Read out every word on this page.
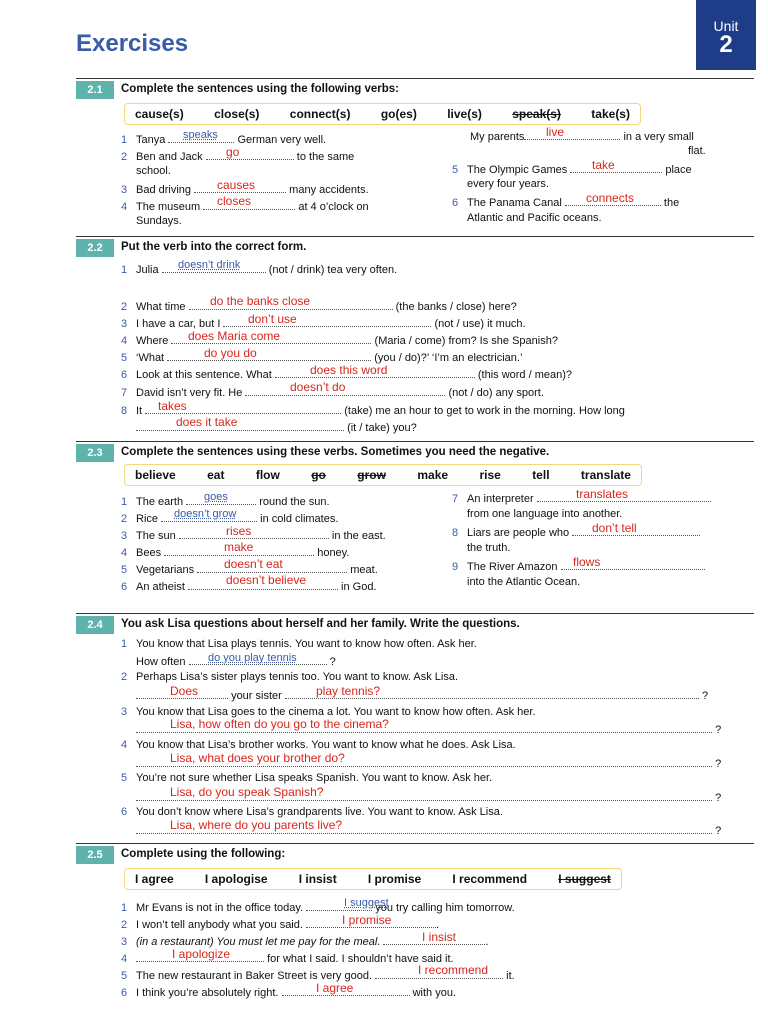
Exercises
Unit
2
2.1	Complete the sentences using the following verbs:
cause(s)	close(s)	connect(s)	go(es)	live(s)	speak(s)	take(s)
1 Tanya	German very well.
speaks
2 Ben and Jack	to the same
go
school.
3 Bad driving	many accidents.
causes
4 The museum	at 4 o’clock on
closes
Sundays.
My parents	in a very small
live
flat.
5 The Olympic Games	place
take
every four years.
6 The Panama Canal	the
connects
Atlantic and Pacific oceans.
2.2	Put the verb into the correct form.
1 Julia	(not / drink) tea very often.
doesn’t drink
2 What time	(the banks / close) here?
do the banks close
3 I have a car, but I	(not / use) it much.
don’t use
4 Where	(Maria / come) from? Is she Spanish?
does Maria come
5 ‘What	(you / do)?’ ‘I’m an electrician.’
do you do
6 Look at this sentence. What	(this word / mean)?
does this word
7 David isn’t very fit. He	(not / do) any sport.
doesn’t do
8 It	(take) me an hour to get to work in the morning. How long
takes
(it / take) you?
does it take
2.3	Complete the sentences using these verbs. Sometimes you need the negative.
believe	eat	flow	go	grow	make	rise	tell	translate
1 The earth	round the sun.
goes
2 Rice	in cold climates.
doesn’t grow
3 The sun	in the east.
rises
4 Bees	honey.
make
5 Vegetarians	meat.
doesn’t eat
6 An atheist	in God.
doesn’t believe
7 An interpreter	translates
from one language into another.
8 Liars are people who	don’t tell
the truth.
9 The River Amazon	flows
into the Atlantic Ocean.
2.4	You ask Lisa questions about herself and her family. Write the questions.
1 You know that Lisa plays tennis. You want to know how often. Ask her.
How often	?
do you play tennis
2 Perhaps Lisa’s sister plays tennis too. You want to know. Ask Lisa.
your sister	?
Does	play tennis?
3 You know that Lisa goes to the cinema a lot. You want to know how often. Ask her.
?
Lisa, how often do you go to the cinema?
4 You know that Lisa’s brother works. You want to know what he does. Ask Lisa.
?
Lisa, what does your brother do?
5 You’re not sure whether Lisa speaks Spanish. You want to know. Ask her.
?
Lisa, do you speak Spanish?
6 You don’t know where Lisa’s grandparents live. You want to know. Ask Lisa.
?
Lisa, where do you parents live?
2.5	Complete using the following:
I agree	I apologise	I insist	I promise	I recommend	I suggest
1 Mr Evans is not in the office today.	you try calling him tomorrow.
I suggest
2 I won’t tell anybody what you said.	.
I promise
3 (in a restaurant) You must let me pay for the meal.	.
I insist
4	for what I said. I shouldn’t have said it.
I apologize
5 The new restaurant in Baker Street is very good.	it.
I recommend
6 I think you’re absolutely right.	with you.
I agree
